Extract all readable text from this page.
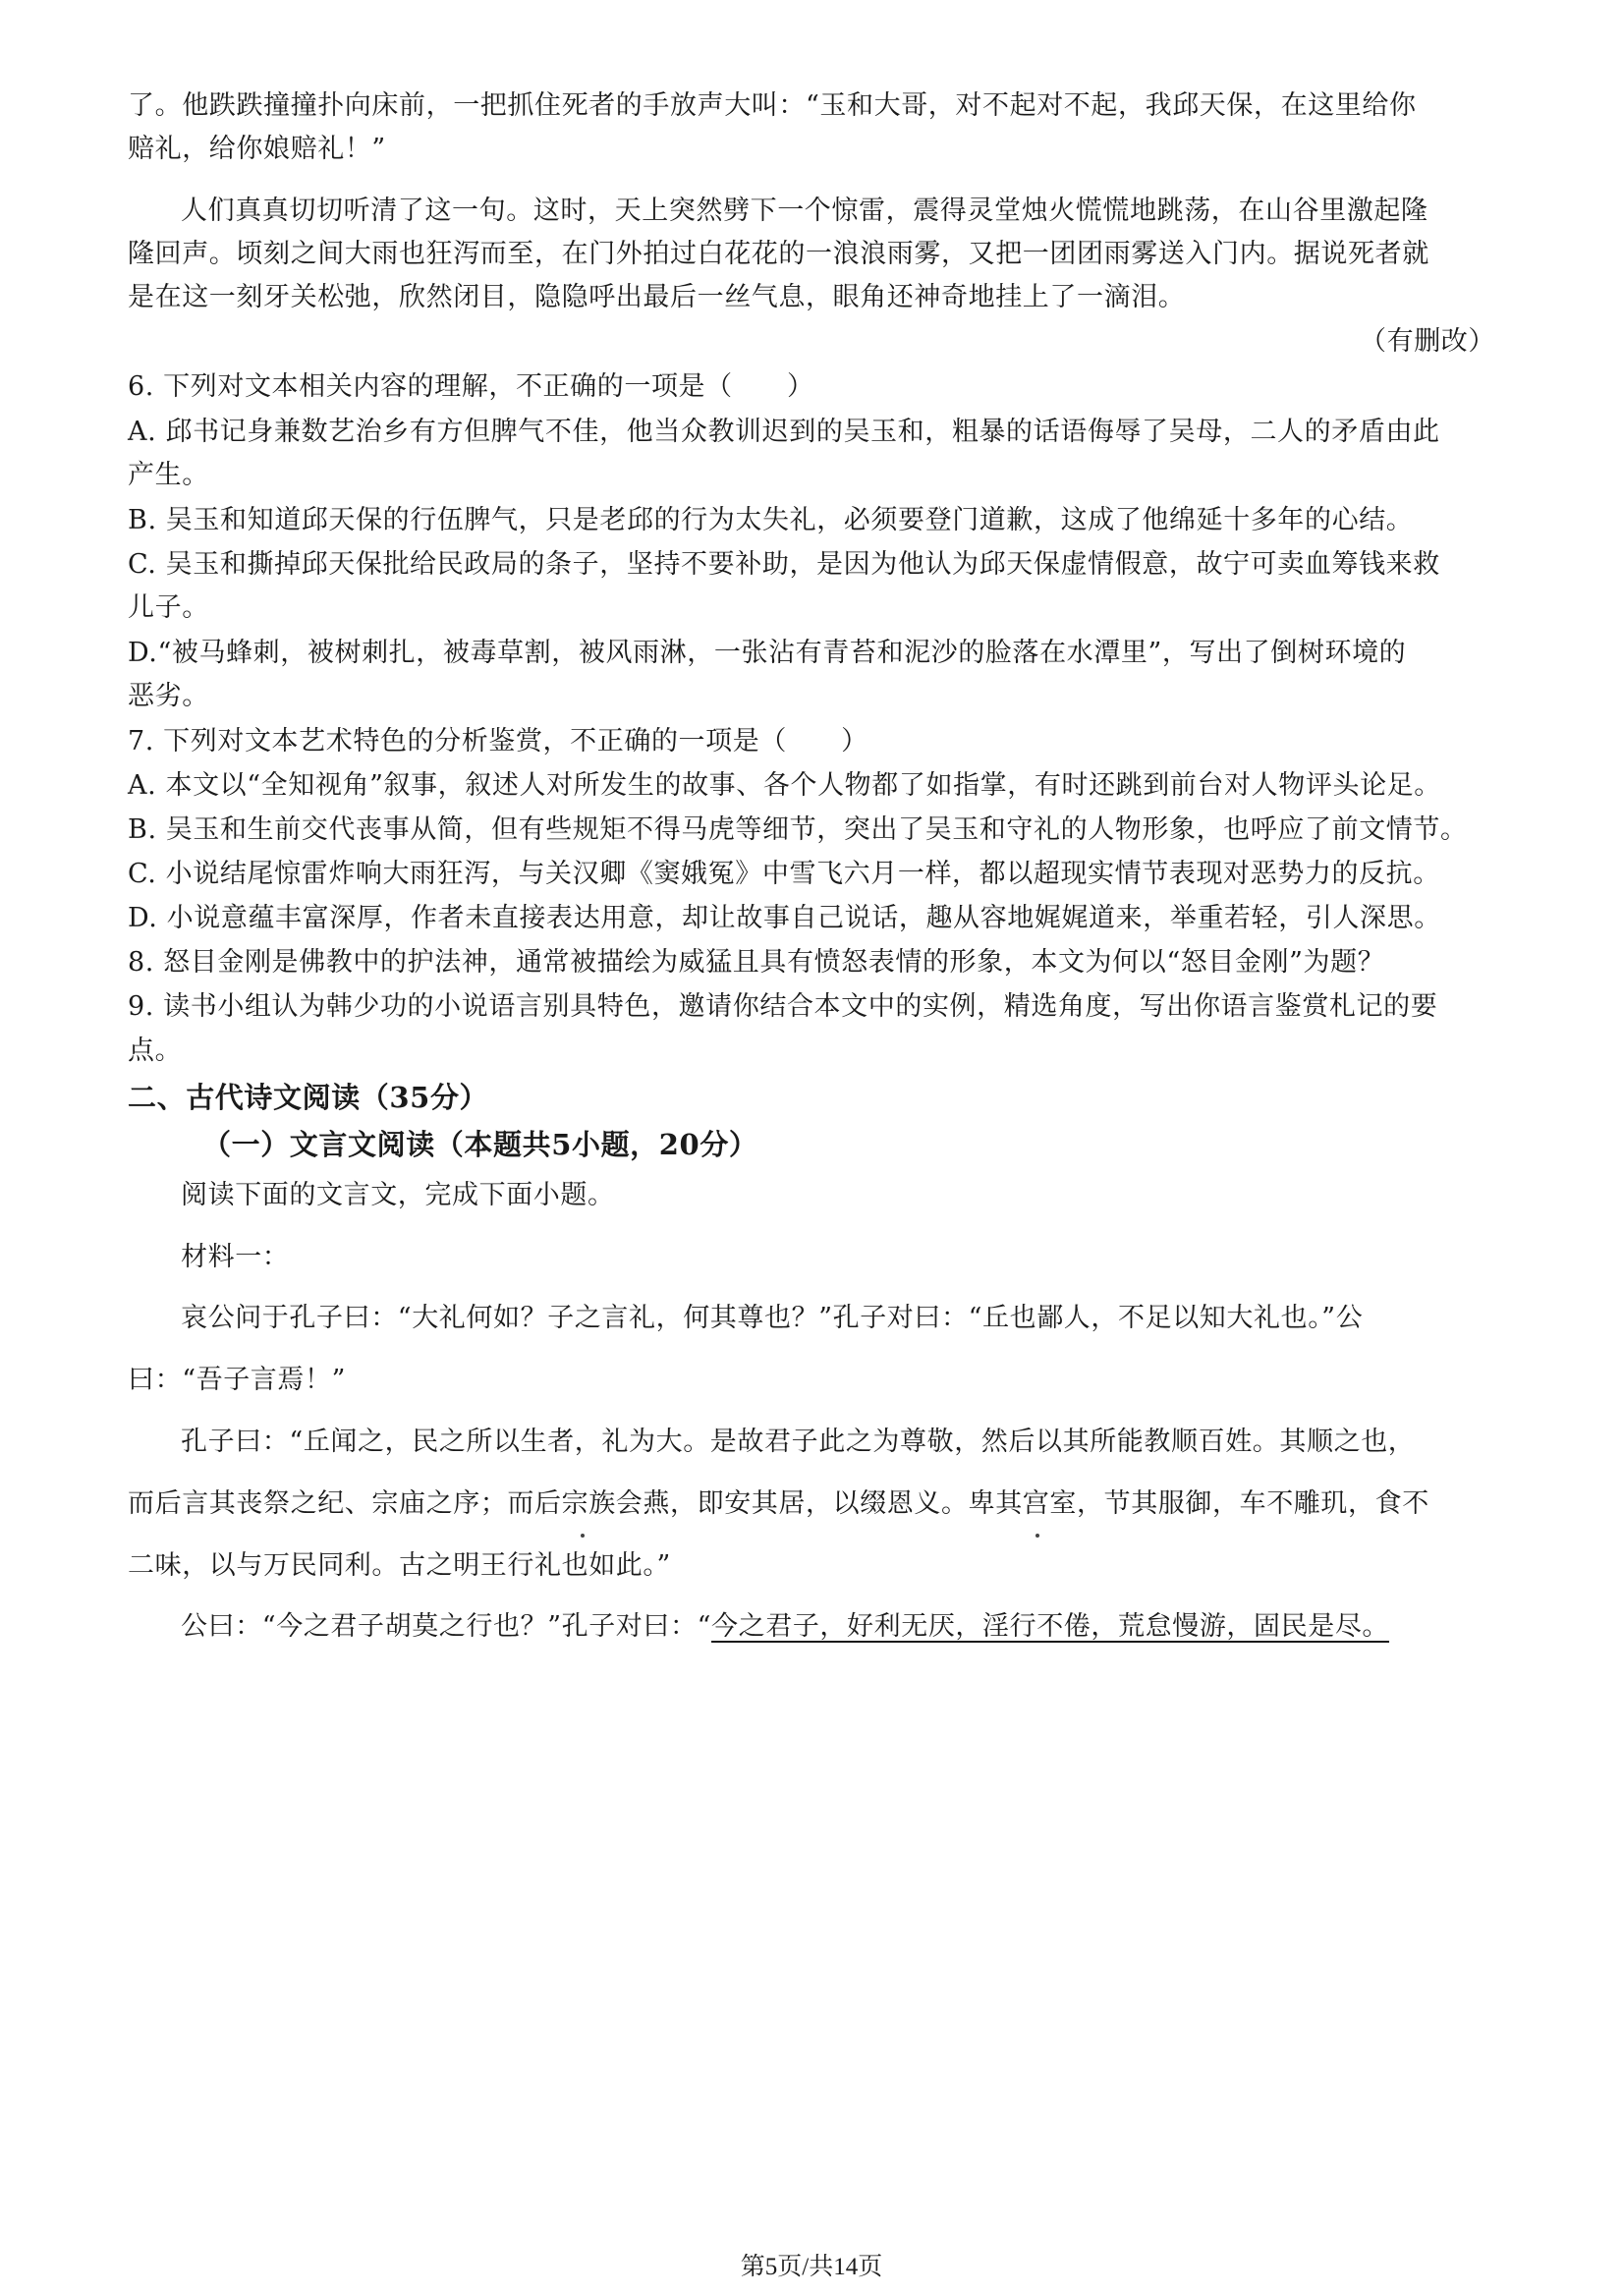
了。他跌跌撞撞扑向床前，一把抓住死者的手放声大叫：“玉和大哥，对不起对不起，我邱天保，在这里给你
赔礼，给你娘赔礼！”
人们真真切切听清了这一句。这时，天上突然劈下一个惊雷，震得灵堂烛火慌慌地跳荡，在山谷里激起隆
隆回声。顷刻之间大雨也狂泻而至，在门外拍过白花花的一浪浪雨雾，又把一团团雨雾送入门内。据说死者就
是在这一刻牙关松弛，欣然闭目，隐隐呼出最后一丝气息，眼角还神奇地挂上了一滴泪。
（有删改）
6. 下列对文本相关内容的理解，不正确的一项是（　　）
A. 邱书记身兼数艺治乡有方但脾气不佳，他当众教训迟到的吴玉和，粗暴的话语侮辱了吴母，二人的矛盾由此
产生。
B. 吴玉和知道邱天保的行伍脾气，只是老邱的行为太失礼，必须要登门道歉，这成了他绵延十多年的心结。
C. 吴玉和撕掉邱天保批给民政局的条子，坚持不要补助，是因为他认为邱天保虚情假意，故宁可卖血筹钱来救
儿子。
D.“被马蜂刺，被树刺扎，被毒草割，被风雨淋，一张沾有青苔和泥沙的脸落在水潭里”，写出了倒树环境的
恶劣。
7. 下列对文本艺术特色的分析鉴赏，不正确的一项是（　　）
A. 本文以“全知视角”叙事，叙述人对所发生的故事、各个人物都了如指掌，有时还跳到前台对人物评头论足。
B. 吴玉和生前交代丧事从简，但有些规矩不得马虎等细节，突出了吴玉和守礼的人物形象，也呼应了前文情节。
C. 小说结尾惊雷炸响大雨狂泻，与关汉卿《窦娥冤》中雪飞六月一样，都以超现实情节表现对恶势力的反抗。
D. 小说意蕴丰富深厚，作者未直接表达用意，却让故事自己说话，趣从容地娓娓道来，举重若轻，引人深思。
8. 怒目金刚是佛教中的护法神，通常被描绘为威猛且具有愤怒表情的形象，本文为何以“怒目金刚”为题？
9. 读书小组认为韩少功的小说语言别具特色，邀请你结合本文中的实例，精选角度，写出你语言鉴赏札记的要
点。
二、古代诗文阅读（35分）
（一）文言文阅读（本题共5小题，20分）
阅读下面的文言文，完成下面小题。
材料一：
哀公问于孔子曰：“大礼何如？子之言礼，何其尊也？”孔子对曰：“丘也鄙人，不足以知大礼也。”公
曰：“吾子言焉！”
孔子曰：“丘闻之，民之所以生者，礼为大。是故君子此之为尊敬，然后以其所能教顺百姓。其顺之也，
而后言其丧祭之纪、宗庙之序；而后宗族会燕，即安其居，以缀恩义。卑其宫室，节其服御，车不雕玑，食不
二味，以与万民同利。古之明王行礼也如此。”
公曰：“今之君子胡莫之行也？”孔子对曰：“今之君子，好利无厌，淫行不倦，荒怠慢游，固民是尽。
第5页/共14页
